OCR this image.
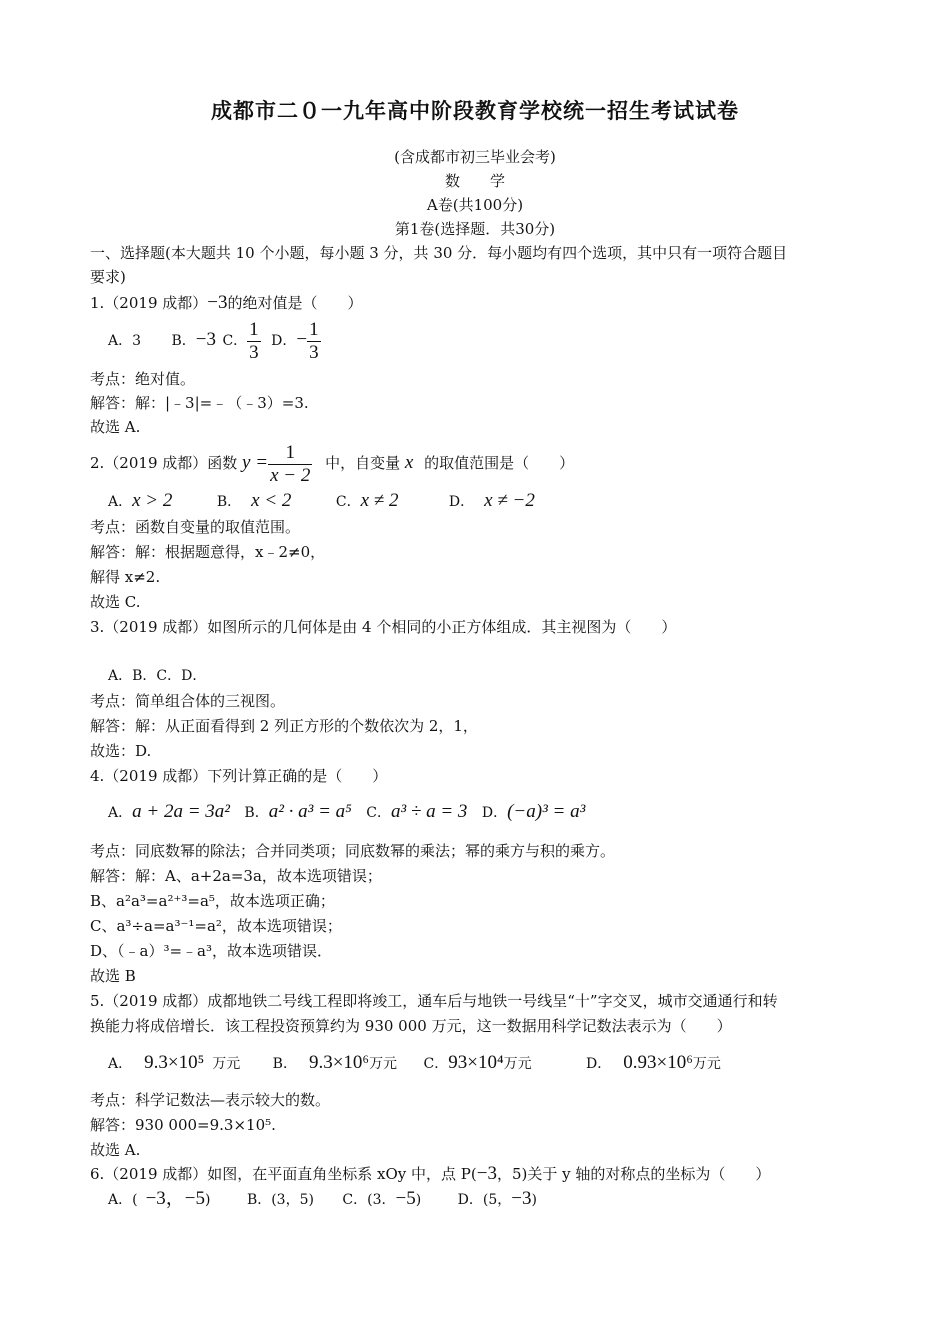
成都市二０一九年高中阶段教育学校统一招生考试试卷
(含成都市初三毕业会考)
数　　学
A卷(共100分)
第1卷(选择题．共30分)
一、选择题(本大题共 10 个小题，每小题 3 分，共 30 分．每小题均有四个选项，其中只有一项符合题目
要求)
1.（2019 成都）−3的绝对值是（　　）
A．3 B．−3 C． $\frac{1}{3}$ D．− $\frac{1}{3}$
考点：绝对值。
解答：解：|﹣3|=﹣（﹣3）=3.
故选 A.
2.（2019 成都）函数 $y = \frac{1}{x - 2}$ 中，自变量 x 的取值范围是（　　）
A．x > 2	B． x < 2	C．x ≠ 2	D． x ≠ −2
考点：函数自变量的取值范围。
解答：解：根据题意得，x﹣2≠0，
解得 x≠2.
故选 C.
3.（2019 成都）如图所示的几何体是由 4 个相同的小正方体组成．其主视图为（　　）
A．B．C．D．
考点：简单组合体的三视图。
解答：解：从正面看得到 2 列正方形的个数依次为 2，1，
故选：D.
4.（2019 成都）下列计算正确的是（　　）
A．a + 2a = 3a² B．a² · a³ = a⁵ C．a³ ÷ a = 3 D．(−a)³ = a³
考点：同底数幂的除法；合并同类项；同底数幂的乘法；幂的乘方与积的乘方。
解答：解：A、a+2a=3a，故本选项错误；
B、a²a³=a²⁺³=a⁵，故本选项正确；
C、a³÷a=a³⁻¹=a²，故本选项错误；
D、（﹣a）³=﹣a³，故本选项错误．
故选 B
5.（2019 成都）成都地铁二号线工程即将竣工，通车后与地铁一号线呈“十”字交叉，城市交通通行和转
换能力将成倍增长．该工程投资预算约为 930 000 万元，这一数据用科学记数法表示为（　　）
A． 9.3×10⁵ 万元 B． 9.3×10⁶万元 C．93×10⁴万元	D． 0.93×10⁶万元
考点：科学记数法—表示较大的数。
解答：930 000=9.3×10⁵.
故选 A.
6.（2019 成都）如图，在平面直角坐标系 xOy 中，点 P(−3，5)关于 y 轴的对称点的坐标为（　　）
A．( −3，−5)	B．(3，5) C．(3．−5)	D．(5，−3)
